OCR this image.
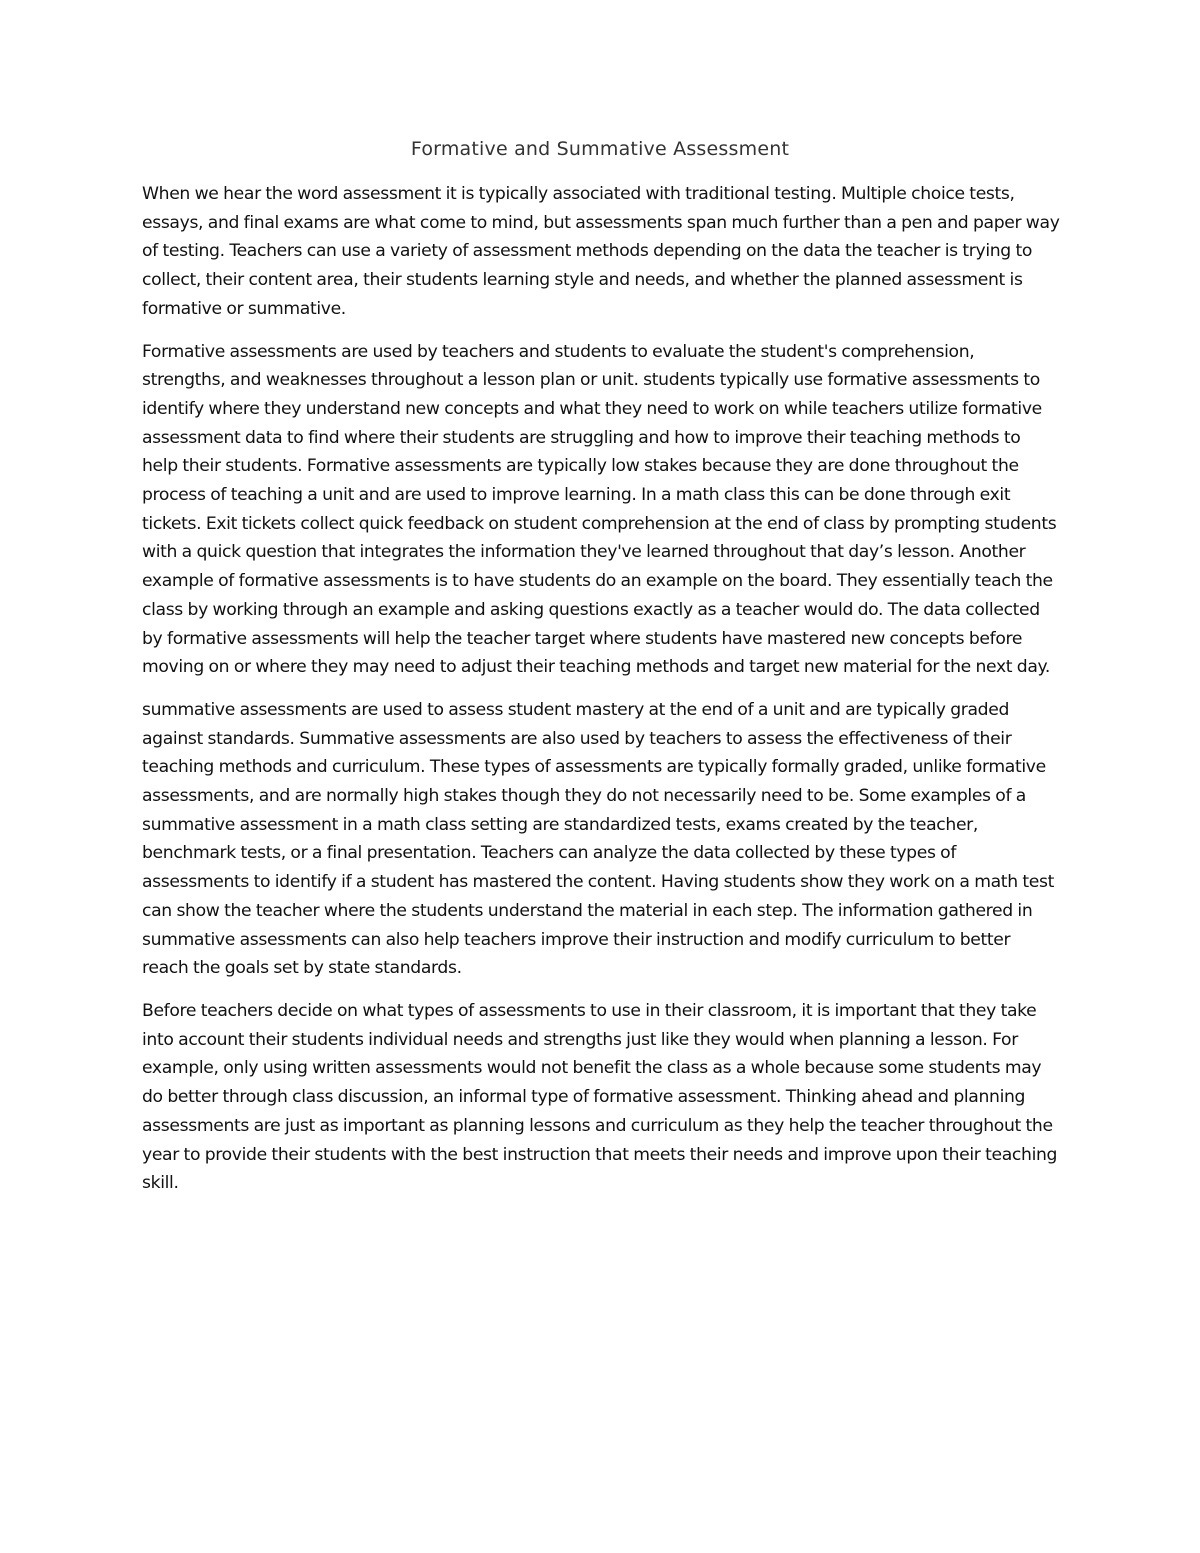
Formative and Summative Assessment

When we hear the word assessment it is typically associated with traditional testing. Multiple choice tests, essays, and final exams are what come to mind, but assessments span much further than a pen and paper way of testing. Teachers can use a variety of assessment methods depending on the data the teacher is trying to collect, their content area, their students learning style and needs, and whether the planned assessment is formative or summative.

Formative assessments are used by teachers and students to evaluate the student's comprehension, strengths, and weaknesses throughout a lesson plan or unit. students typically use formative assessments to identify where they understand new concepts and what they need to work on while teachers utilize formative assessment data to find where their students are struggling and how to improve their teaching methods to help their students. Formative assessments are typically low stakes because they are done throughout the process of teaching a unit and are used to improve learning. In a math class this can be done through exit tickets. Exit tickets collect quick feedback on student comprehension at the end of class by prompting students with a quick question that integrates the information they've learned throughout that day’s lesson. Another example of formative assessments is to have students do an example on the board. They essentially teach the class by working through an example and asking questions exactly as a teacher would do. The data collected by formative assessments will help the teacher target where students have mastered new concepts before moving on or where they may need to adjust their teaching methods and target new material for the next day.

summative assessments are used to assess student mastery at the end of a unit and are typically graded against standards. Summative assessments are also used by teachers to assess the effectiveness of their teaching methods and curriculum. These types of assessments are typically formally graded, unlike formative assessments, and are normally high stakes though they do not necessarily need to be. Some examples of a summative assessment in a math class setting are standardized tests, exams created by the teacher, benchmark tests, or a final presentation. Teachers can analyze the data collected by these types of assessments to identify if a student has mastered the content. Having students show they work on a math test can show the teacher where the students understand the material in each step. The information gathered in summative assessments can also help teachers improve their instruction and modify curriculum to better reach the goals set by state standards.

Before teachers decide on what types of assessments to use in their classroom, it is important that they take into account their students individual needs and strengths just like they would when planning a lesson. For example, only using written assessments would not benefit the class as a whole because some students may do better through class discussion, an informal type of formative assessment. Thinking ahead and planning assessments are just as important as planning lessons and curriculum as they help the teacher throughout the year to provide their students with the best instruction that meets their needs and improve upon their teaching skill.
